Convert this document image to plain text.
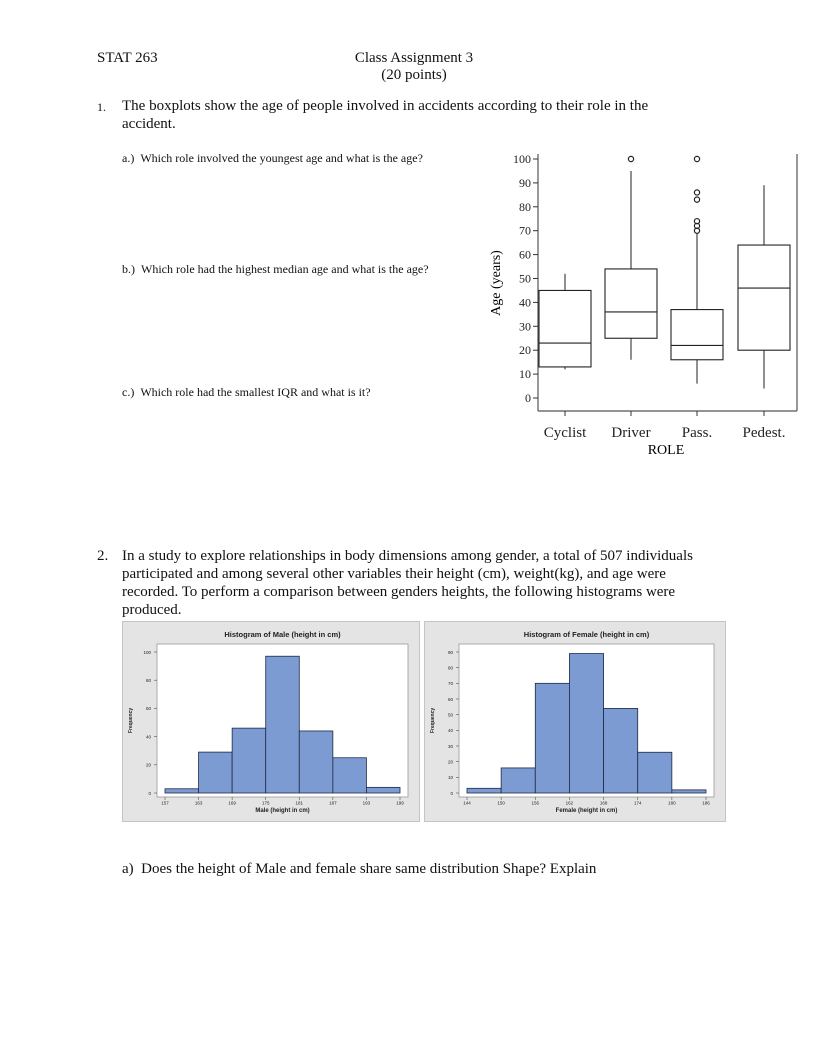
STAT 263	Class Assignment 3
(20 points)
1. The boxplots show the age of people involved in accidents according to their role in the
accident.
a.)  Which role involved the youngest age and what is the age?
b.)  Which role had the highest median age and what is the age?
c.)  Which role had the smallest IQR and what is it?	0
10
20
30
40
50
60
70
80
90
100
Cyclist Driver Pass. Pedest.
Age (years)
ROLE
2. In a study to explore relationships in body dimensions among gender, a total of 507 individuals
participated and among several other variables their height (cm), weight(kg), and age were
recorded. To perform a comparison between genders heights, the following histograms were
produced.
Histogram of Male (height in cm)
Male (height in cm)
Frequency
0
20
40
60
80
100
157	163	169	175	181	187	193	199
Histogram of Female (height in cm)
Female (height in cm)
Frequency
0
10
20
30
40
50
60
70
80
90
144	150	156	162	168	174	180	186
a)  Does the height of Male and female share same distribution Shape? Explain
